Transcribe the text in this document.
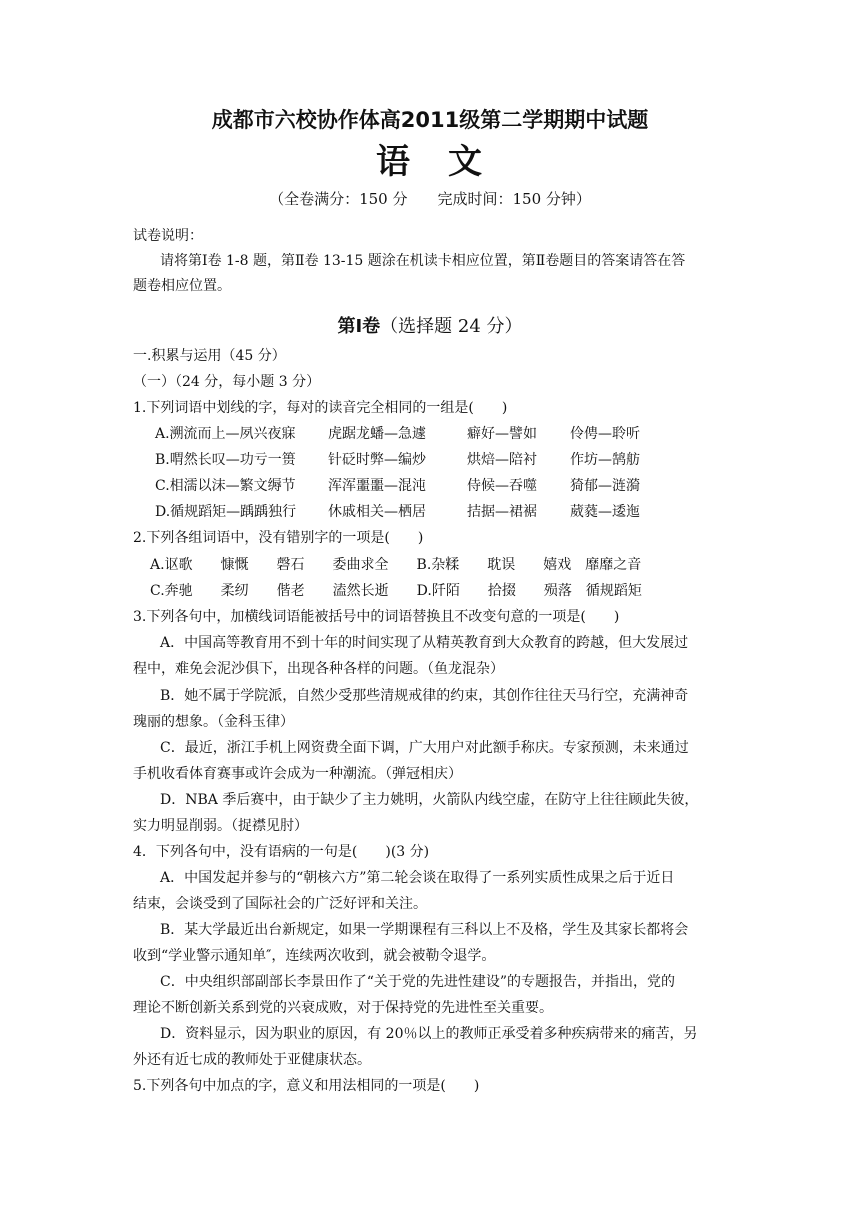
成都市六校协作体高2011级第二学期期中试题
语　文
（全卷满分：150 分　　完成时间：150 分钟）
试卷说明：
请将第Ⅰ卷 1-8 题，第Ⅱ卷 13-15 题涂在机读卡相应位置，第Ⅱ卷题目的答案请答在答
题卷相应位置。
第Ⅰ卷（选择题 24 分）
一.积累与运用（45 分）
（一）（24 分，每小题 3 分）
1.下列词语中划线的字，每对的读音完全相同的一组是(　　)
A.溯流而上—夙兴夜寐 虎踞龙蟠—急遽	癖好—譬如 伶俜—聆听
B.喟然长叹—功亏一篑 针砭时弊—编炒	烘焙—陪衬 作坊—鹄舫
C.相濡以沫—繁文缛节 浑浑噩噩—混沌	侍候—吞噬 猗郁—涟漪
D.循规蹈矩—踽踽独行 休戚相关—栖居	拮据—裙裾 葳蕤—逶迤
2.下列各组词语中，没有错别字的一项是(　　)
A.讴歌　　慷慨　　磬石　　委曲求全　　B.杂糅　　耽误　　嬉戏　靡靡之音
C.奔驰　　柔纫　　偕老　　溘然长逝　　D.阡陌　　拾掇　　殒落　循规蹈矩
3.下列各句中，加横线词语能被括号中的词语替换且不改变句意的一项是(　　)
A．中国高等教育用不到十年的时间实现了从精英教育到大众教育的跨越，但大发展过
程中，难免会泥沙俱下，出现各种各样的问题。（鱼龙混杂）
B．她不属于学院派，自然少受那些清规戒律的约束，其创作往往天马行空，充满神奇
瑰丽的想象。（金科玉律）
C．最近，浙江手机上网资费全面下调，广大用户对此额手称庆。专家预测，未来通过
手机收看体育赛事或许会成为一种潮流。（弹冠相庆）
D．NBA 季后赛中，由于缺少了主力姚明，火箭队内线空虚，在防守上往往顾此失彼，
实力明显削弱。（捉襟见肘）
4．下列各句中，没有语病的一句是(　　)(3 分)
A．中国发起并参与的“朝核六方”第二轮会谈在取得了一系列实质性成果之后于近日
结束，会谈受到了国际社会的广泛好评和关注。
B．某大学最近出台新规定，如果一学期课程有三科以上不及格，学生及其家长都将会
收到“学业警示通知单″，连续两次收到，就会被勒令退学。
C．中央组织部副部长李景田作了“关于党的先进性建设”的专题报告，并指出，党的
理论不断创新关系到党的兴衰成败，对于保持党的先进性至关重要。
D．资料显示，因为职业的原因，有 20％以上的教师正承受着多种疾病带来的痛苦，另
外还有近七成的教师处于亚健康状态。
5.下列各句中加点的字，意义和用法相同的一项是(　　)
